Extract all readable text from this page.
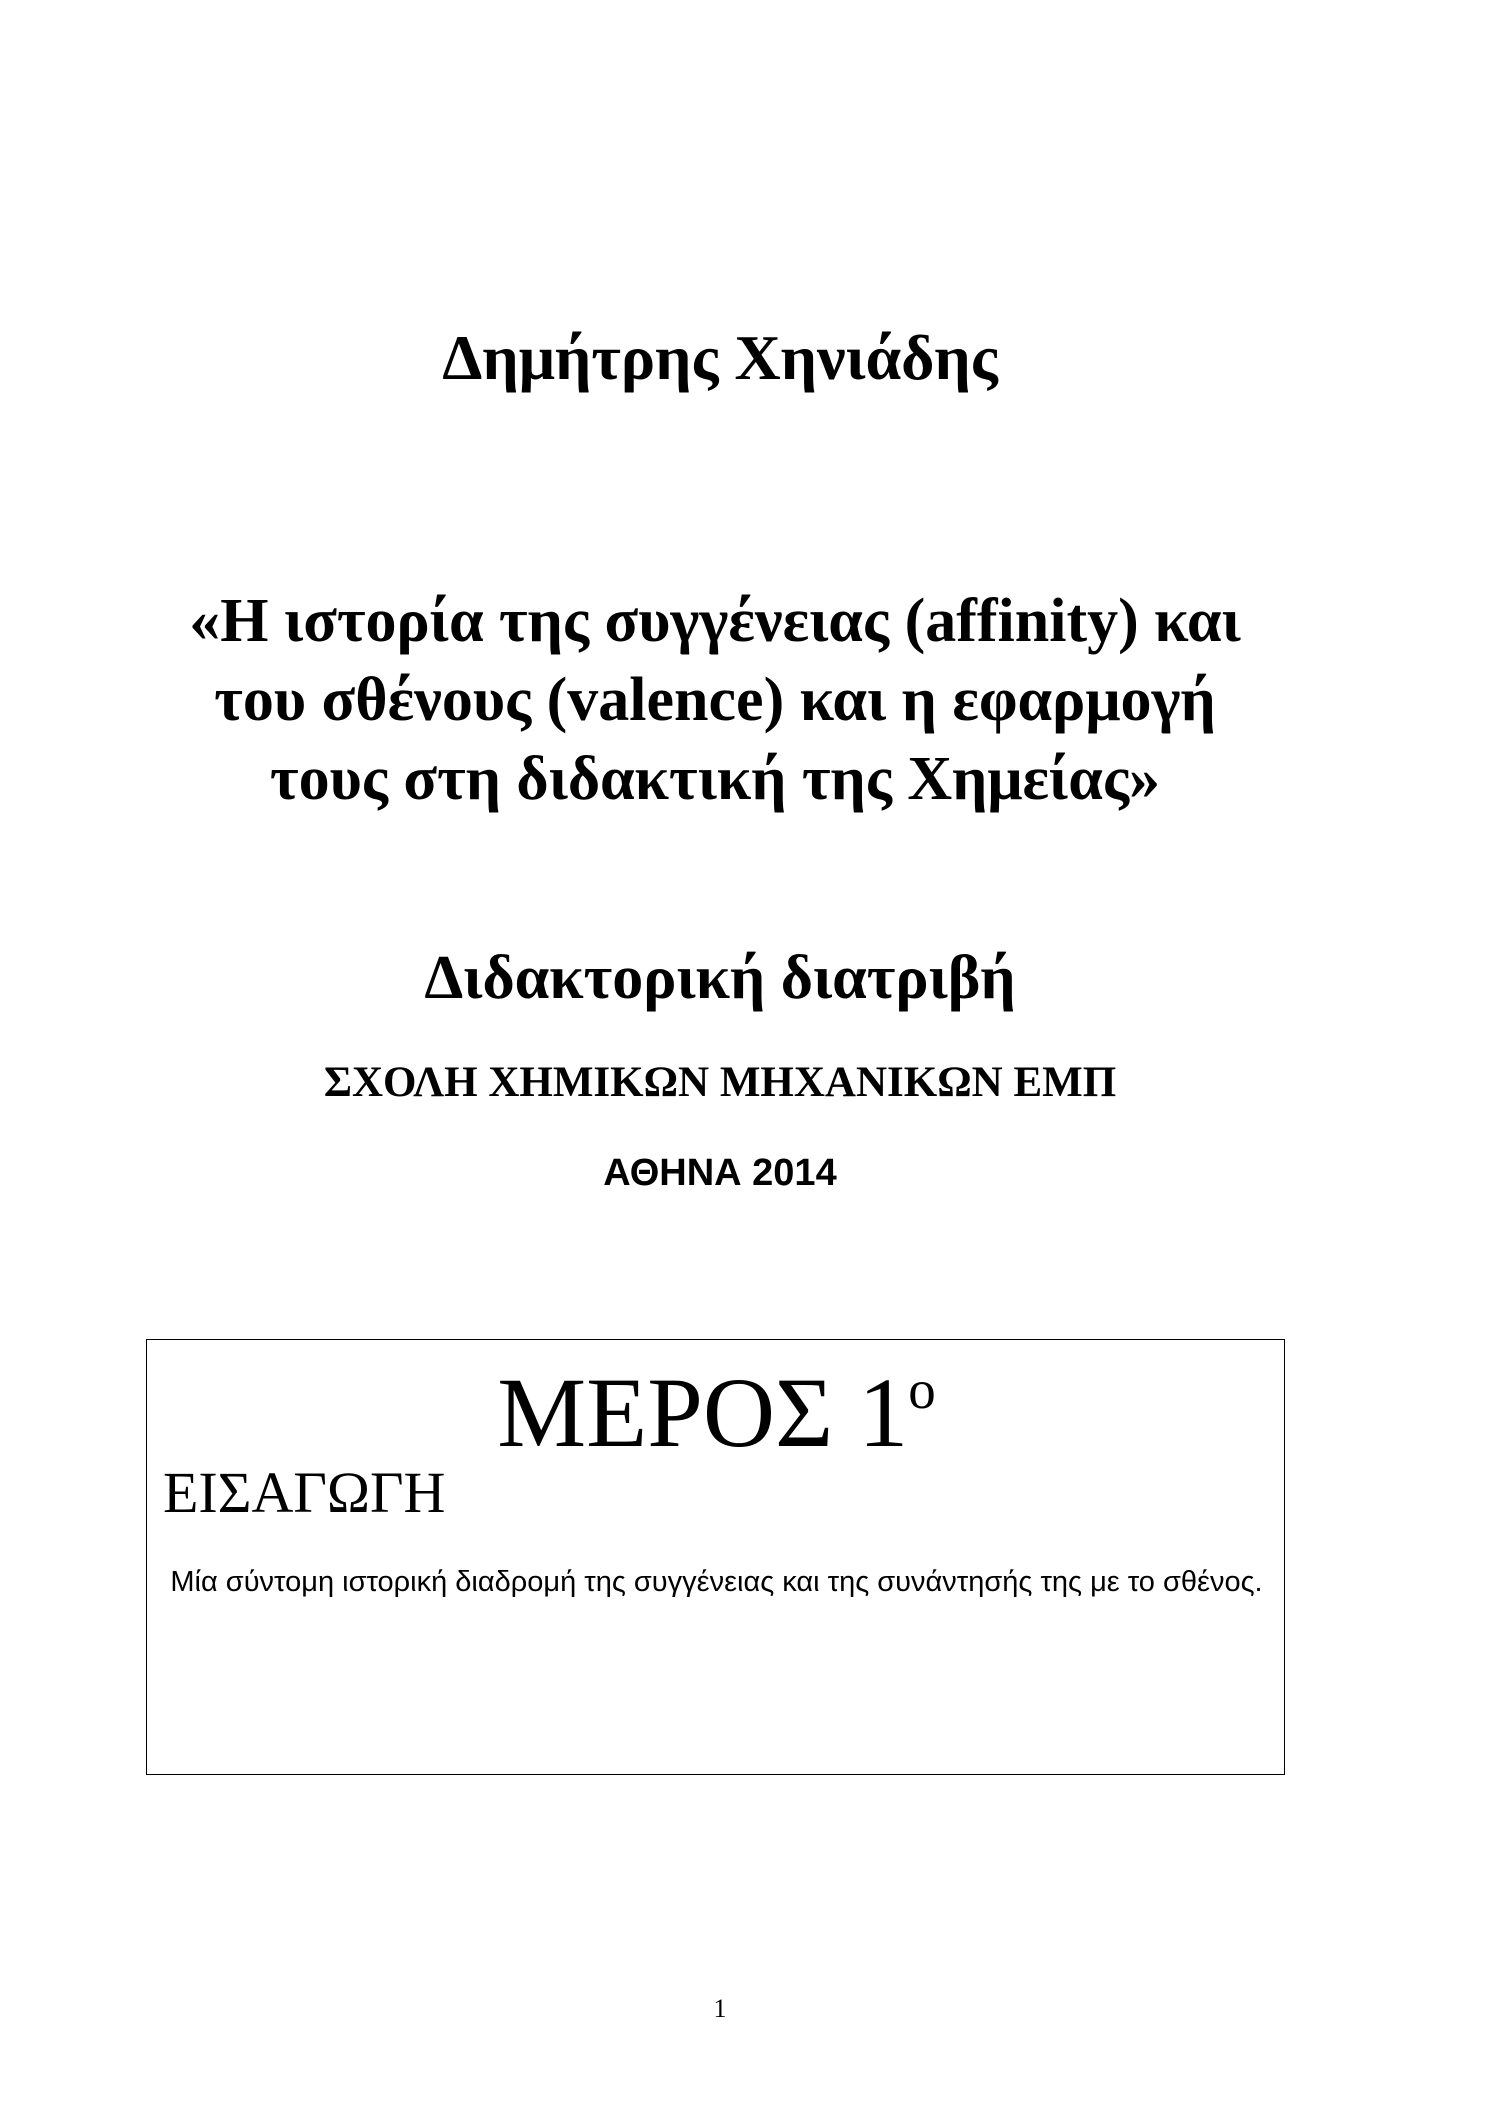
Δημήτρης Χηνιάδης
«Η ιστορία της συγγένειας (affinity) και του σθένους (valence) και η εφαρμογή τους στη διδακτική της Χημείας»
Διδακτορική διατριβή
ΣΧΟΛΗ ΧΗΜΙΚΩΝ ΜΗΧΑΝΙΚΩΝ ΕΜΠ
ΑΘΗΝΑ 2014
ΜΕΡΟΣ $1^o$
ΕΙΣΑΓΩΓΗ
Μία σύντομη ιστορική διαδρομή της συγγένειας και της συνάντησής της με το σθένος.
1
